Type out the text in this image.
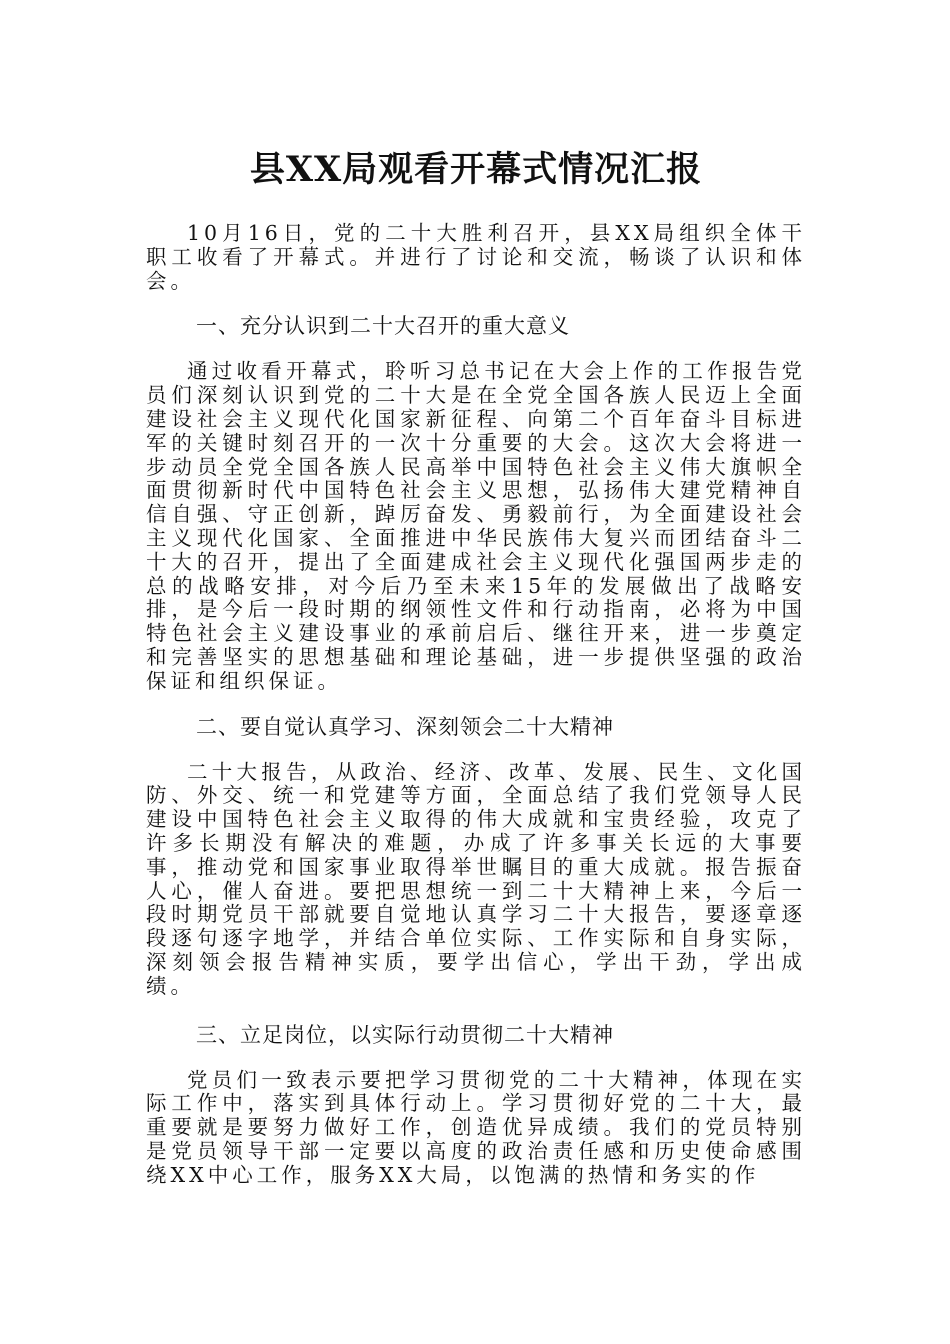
县XX局观看开幕式情况汇报

10月16日，党的二十大胜利召开，县XX局组织全体干职工收看了开幕式。并进行了讨论和交流，畅谈了认识和体会。

一、充分认识到二十大召开的重大意义

通过收看开幕式，聆听习总书记在大会上作的工作报告党员们深刻认识到党的二十大是在全党全国各族人民迈上全面建设社会主义现代化国家新征程、向第二个百年奋斗目标进军的关键时刻召开的一次十分重要的大会。这次大会将进一步动员全党全国各族人民高举中国特色社会主义伟大旗帜全面贯彻新时代中国特色社会主义思想，弘扬伟大建党精神自信自强、守正创新，踔厉奋发、勇毅前行，为全面建设社会主义现代化国家、全面推进中华民族伟大复兴而团结奋斗二十大的召开，提出了全面建成社会主义现代化强国两步走的总的战略安排，对今后乃至未来15年的发展做出了战略安排，是今后一段时期的纲领性文件和行动指南，必将为中国特色社会主义建设事业的承前启后、继往开来，进一步奠定和完善坚实的思想基础和理论基础，进一步提供坚强的政治保证和组织保证。

二、要自觉认真学习、深刻领会二十大精神

二十大报告，从政治、经济、改革、发展、民生、文化国防、外交、统一和党建等方面，全面总结了我们党领导人民建设中国特色社会主义取得的伟大成就和宝贵经验，攻克了许多长期没有解决的难题，办成了许多事关长远的大事要事，推动党和国家事业取得举世瞩目的重大成就。报告振奋人心，催人奋进。要把思想统一到二十大精神上来，今后一段时期党员干部就要自觉地认真学习二十大报告，要逐章逐段逐句逐字地学，并结合单位实际、工作实际和自身实际，深刻领会报告精神实质，要学出信心，学出干劲，学出成绩。

三、立足岗位，以实际行动贯彻二十大精神

党员们一致表示要把学习贯彻党的二十大精神，体现在实际工作中，落实到具体行动上。学习贯彻好党的二十大，最重要就是要努力做好工作，创造优异成绩。我们的党员特别是党员领导干部一定要以高度的政治责任感和历史使命感围绕XX中心工作，服务XX大局，以饱满的热情和务实的作
